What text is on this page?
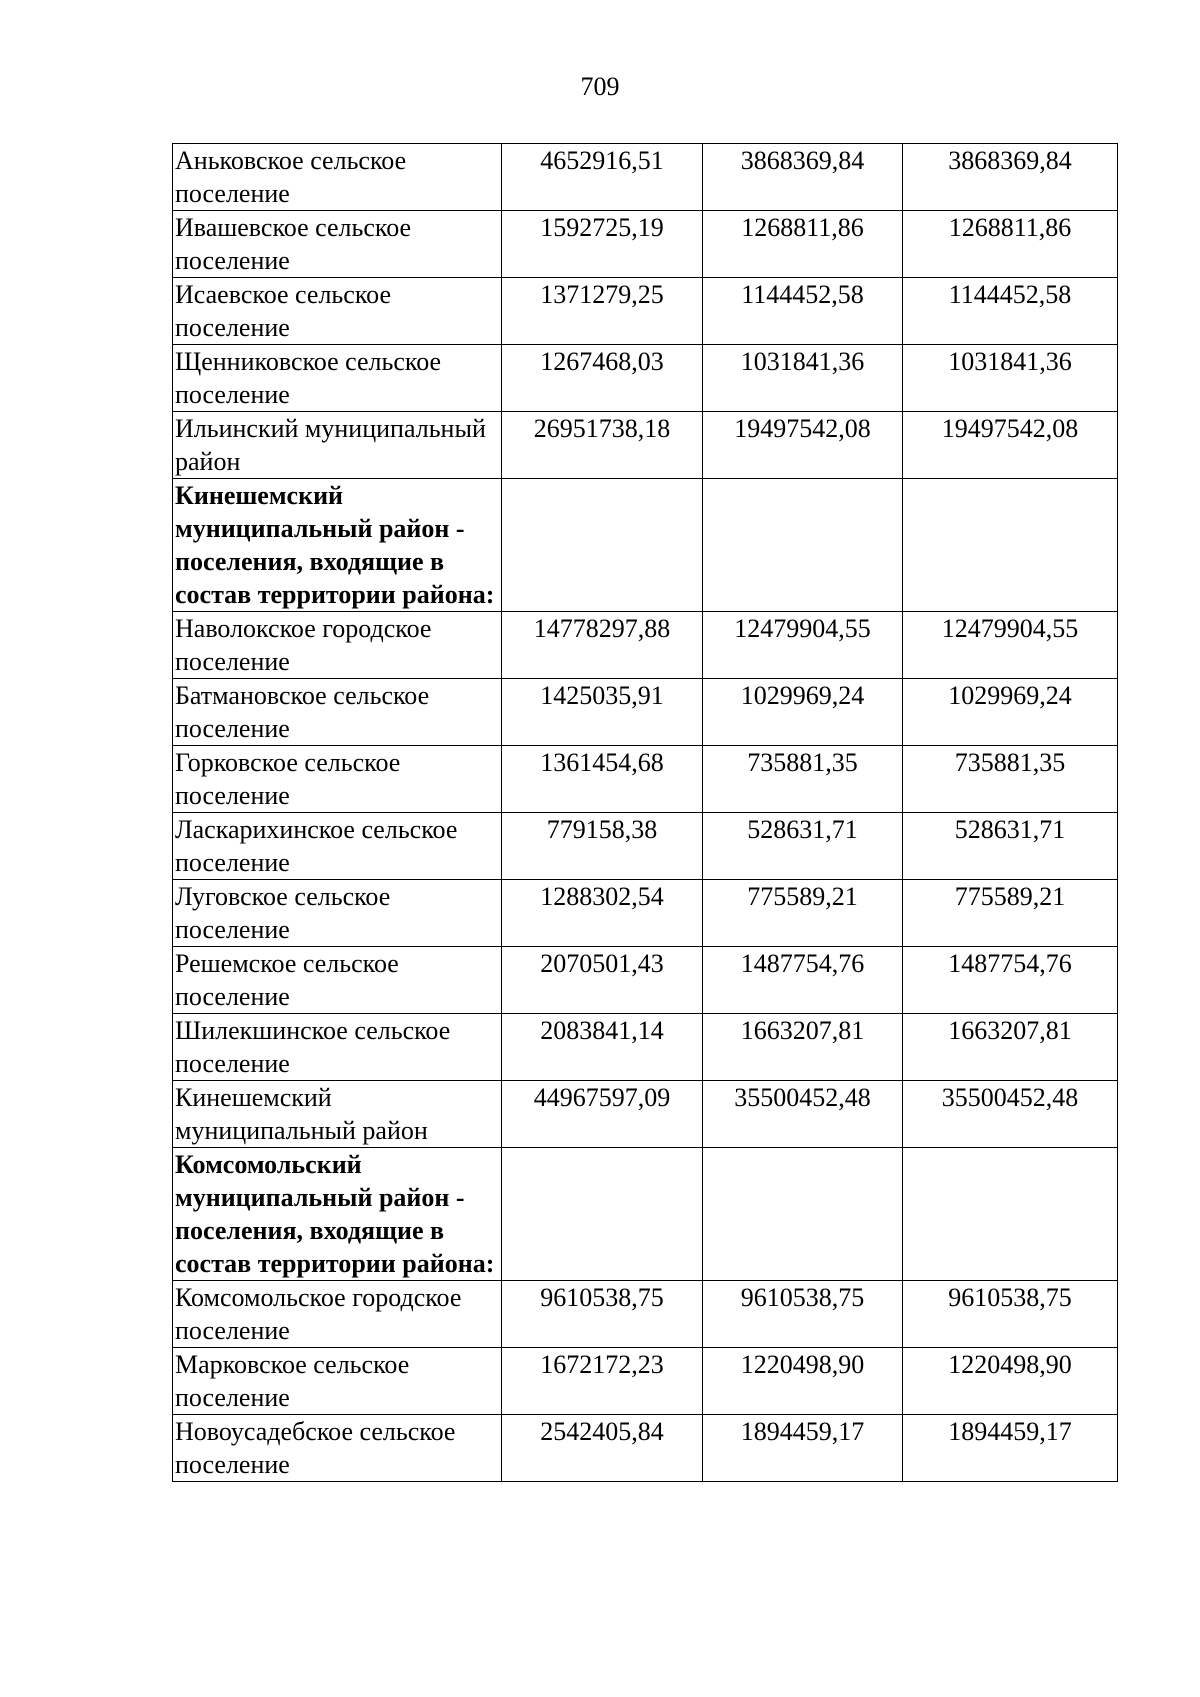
709
Аньковское сельское поселение	4652916,51	3868369,84	3868369,84
Ивашевское сельское поселение	1592725,19	1268811,86	1268811,86
Исаевское сельское поселение	1371279,25	1144452,58	1144452,58
Щенниковское сельское поселение	1267468,03	1031841,36	1031841,36
Ильинский муниципальный район	26951738,18	19497542,08	19497542,08
Кинешемский муниципальный район - поселения, входящие в состав территории района:			
Наволокское городское поселение	14778297,88	12479904,55	12479904,55
Батмановское сельское поселение	1425035,91	1029969,24	1029969,24
Горковское сельское поселение	1361454,68	735881,35	735881,35
Ласкарихинское сельское поселение	779158,38	528631,71	528631,71
Луговское сельское поселение	1288302,54	775589,21	775589,21
Решемское сельское поселение	2070501,43	1487754,76	1487754,76
Шилекшинское сельское поселение	2083841,14	1663207,81	1663207,81
Кинешемский муниципальный район	44967597,09	35500452,48	35500452,48
Комсомольский муниципальный район - поселения, входящие в состав территории района:			
Комсомольское городское поселение	9610538,75	9610538,75	9610538,75
Марковское сельское поселение	1672172,23	1220498,90	1220498,90
Новоусадебское сельское поселение	2542405,84	1894459,17	1894459,17
